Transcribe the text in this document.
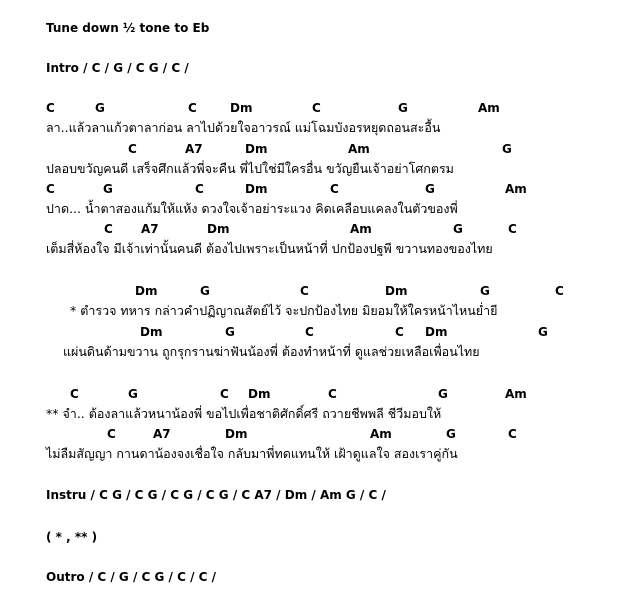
Tune down ½ tone to Eb
Intro / C / G / C G / C /
C	G	C	Dm	C	G	Am
ลา..แล้วลาแก้วตาลาก่อน ลาไปด้วยใจอาวรณ์ แม่โฉมบังอรหยุดถอนสะอื้น
C	A7	Dm	Am	G
ปลอบขวัญคนดี เสร็จศึกแล้วพี่จะคืน พี่ไปใช่มีใครอื่น ขวัญยืนเจ้าอย่าโศกตรม
C	G	C	Dm	C	G	Am
ปาด... น้ำตาสองแก้มให้แห้ง ดวงใจเจ้าอย่าระแวง คิดเคลือบแคลงในตัวของพี่
C A7	Dm	Am	G	C
เต็มสี่ห้องใจ มีเจ้าเท่านั้นคนดี ต้องไปเพราะเป็นหน้าที่ ปกป้องปฐพี ขวานทองของไทย
Dm	G	C	Dm	G	C
* ตำรวจ ทหาร กล่าวคำปฏิญาณสัตย์ไว้ จะปกป้องไทย มิยอมให้ใครหน้าไหนย่ำยี
Dm	G	C	C Dm	G
แผ่นดินด้ามขวาน ถูกรุกรานฆ่าฟันน้องพี่ ต้องทำหน้าที่ ดูแลช่วยเหลือเพื่อนไทย
C	G	C Dm	C	G	Am
** จำ.. ต้องลาแล้วหนาน้องพี่ ขอไปเพื่อชาติศักดิ์ศรี ถวายชีพพลี ชีวีมอบให้
C	A7	Dm	Am	G	C
ไม่ลืมสัญญา กานดาน้องจงเชื่อใจ กลับมาพี่ทดแทนให้ เฝ้าดูแลใจ สองเราคู่กัน
Instru / C G / C G / C G / C G / C A7 / Dm / Am G / C /
( * , ** )
Outro / C / G / C G / C / C /
